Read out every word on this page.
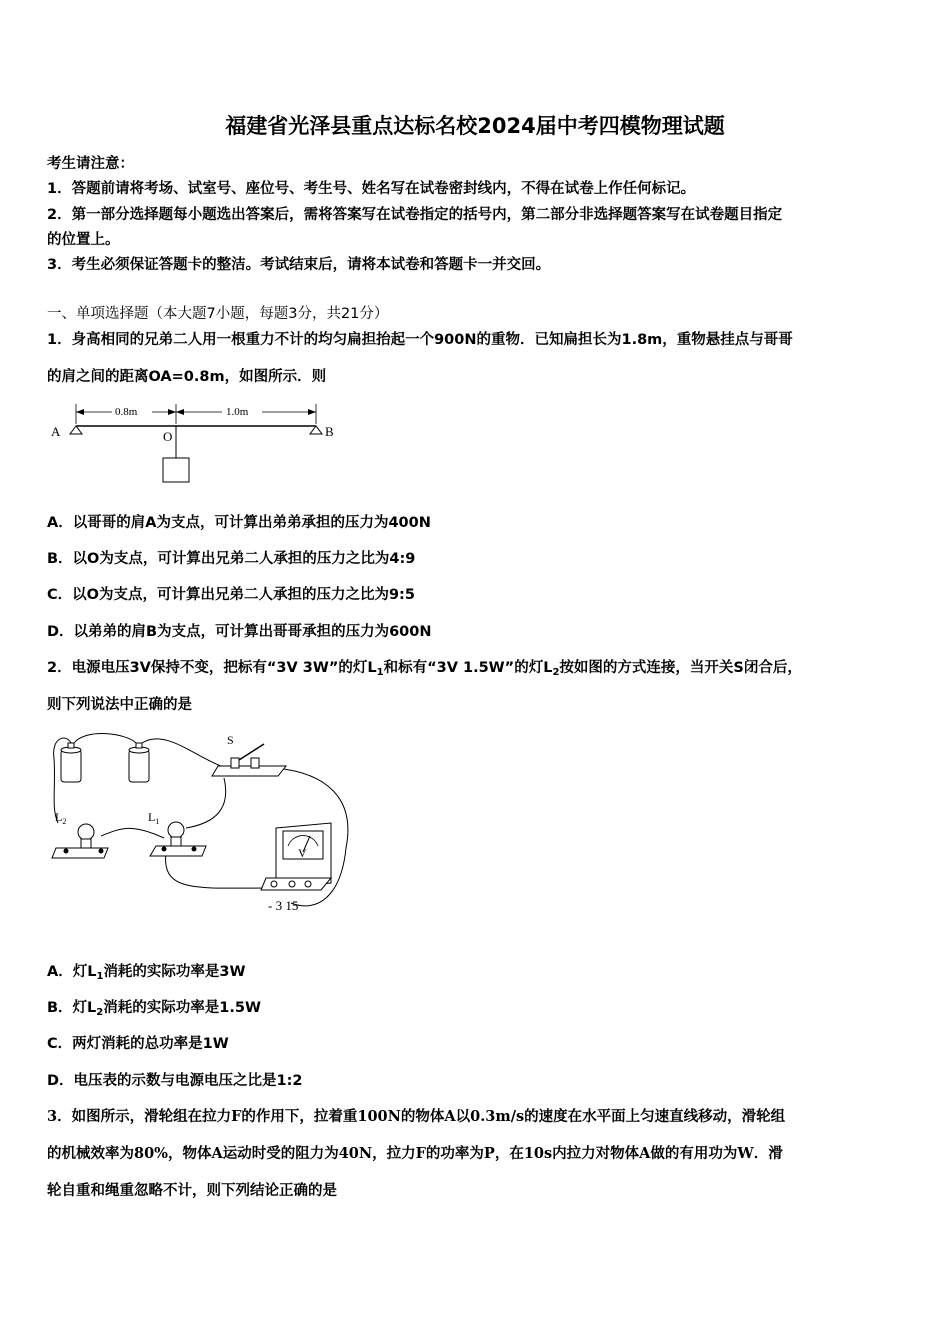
福建省光泽县重点达标名校2024届中考四模物理试题
考生请注意：
1．答题前请将考场、试室号、座位号、考生号、姓名写在试卷密封线内，不得在试卷上作任何标记。
2．第一部分选择题每小题选出答案后，需将答案写在试卷指定的括号内，第二部分非选择题答案写在试卷题目指定
的位置上。
3．考生必须保证答题卡的整洁。考试结束后，请将本试卷和答题卡一并交回。
一、单项选择题（本大题7小题，每题3分，共21分）
1．身高相同的兄弟二人用一根重力不计的均匀扁担抬起一个900N的重物．已知扁担长为1.8m，重物悬挂点与哥哥
的肩之间的距离OA=0.8m，如图所示．则
0.8m	1.0m
A	O	B
A．以哥哥的肩A为支点，可计算出弟弟承担的压力为400N
B．以O为支点，可计算出兄弟二人承担的压力之比为4:9
C．以O为支点，可计算出兄弟二人承担的压力之比为9:5
D．以弟弟的肩B为支点，可计算出哥哥承担的压力为600N
2．电源电压3V保持不变，把标有“3V 3W”的灯$L_1$和标有“3V 1.5W”的灯$L_2$按如图的方式连接，当开关S闭合后，
则下列说法中正确的是
S
$L_2$	$L_1$
V
- 3 15
A．灯$L_1$消耗的实际功率是3W
B．灯$L_2$消耗的实际功率是1.5W
C．两灯消耗的总功率是1W
D．电压表的示数与电源电压之比是1:2
3．如图所示，滑轮组在拉力F的作用下，拉着重100N的物体A以0.3m/s的速度在水平面上匀速直线移动，滑轮组
的机械效率为80%，物体A运动时受的阻力为40N，拉力F的功率为P，在10s内拉力对物体A做的有用功为W．滑
轮自重和绳重忽略不计，则下列结论正确的是
